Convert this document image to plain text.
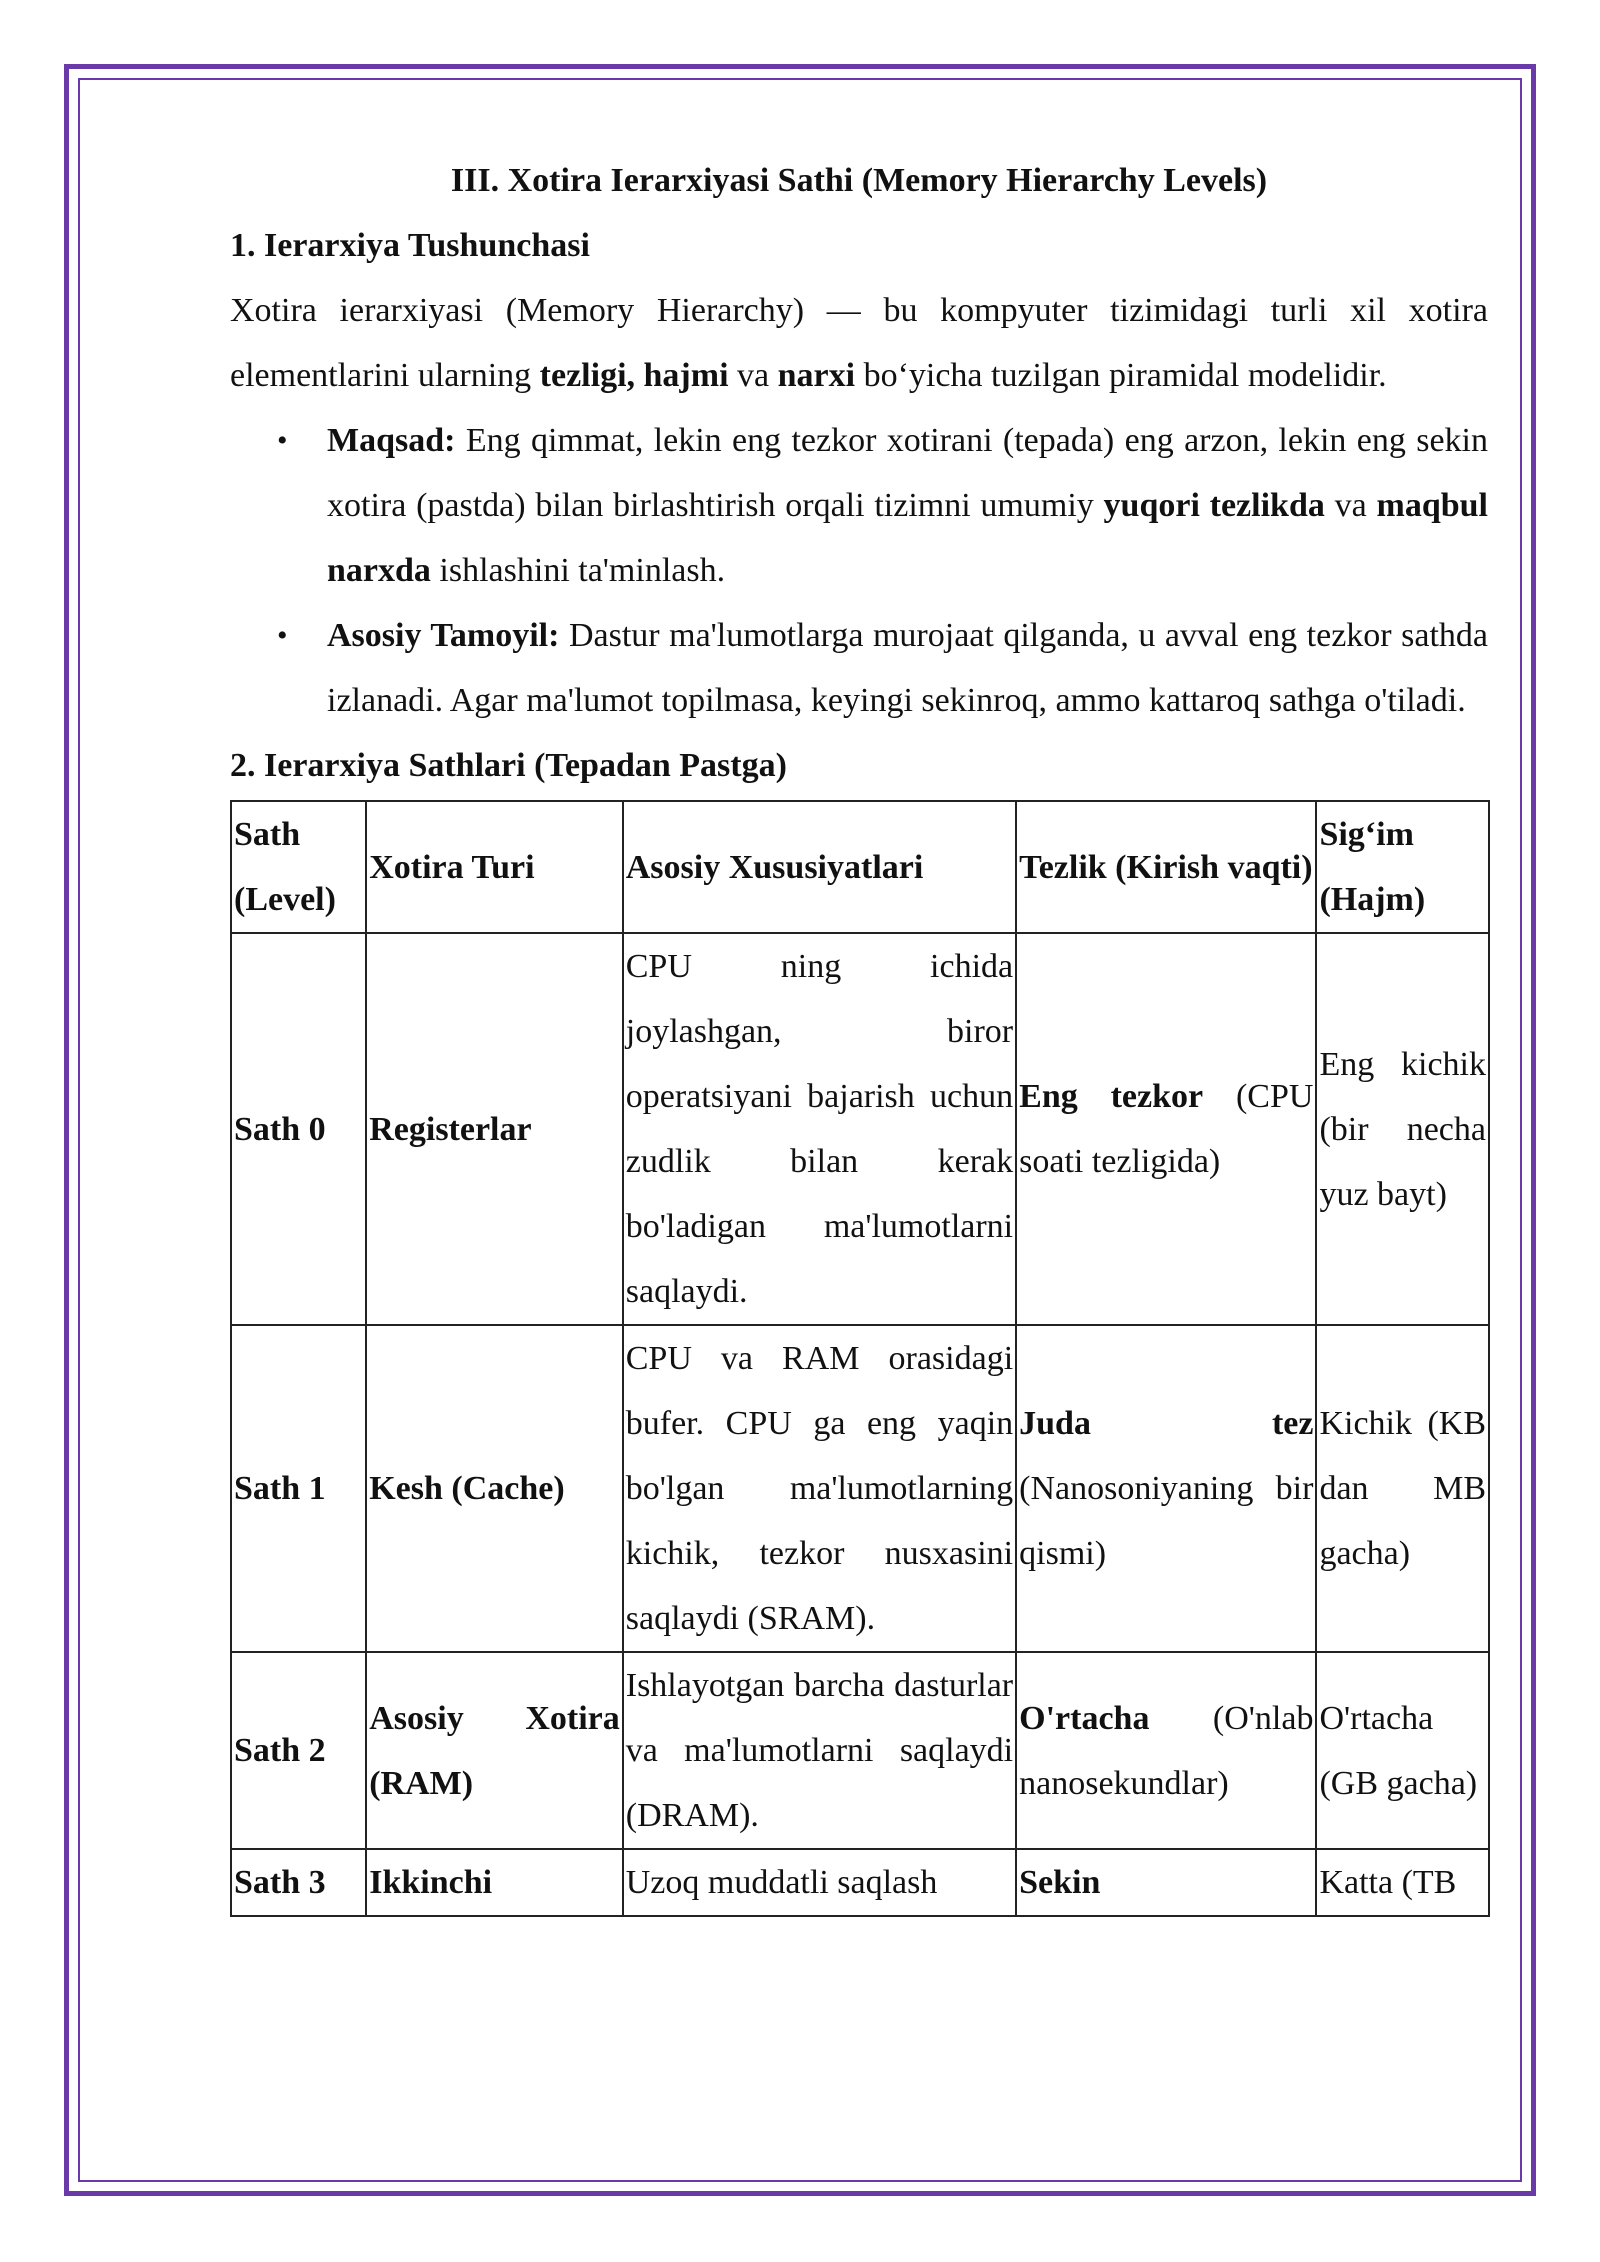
III. Xotira Ierarxiyasi Sathi (Memory Hierarchy Levels)

1. Ierarxiya Tushunchasi

Xotira ierarxiyasi (Memory Hierarchy) — bu kompyuter tizimidagi turli xil xotira elementlarini ularning tezligi, hajmi va narxi bo‘yicha tuzilgan piramidal modelidir.

• Maqsad: Eng qimmat, lekin eng tezkor xotirani (tepada) eng arzon, lekin eng sekin xotira (pastda) bilan birlashtirish orqali tizimni umumiy yuqori tezlikda va maqbul narxda ishlashini ta'minlash.
• Asosiy Tamoyil: Dastur ma'lumotlarga murojaat qilganda, u avval eng tezkor sathda izlanadi. Agar ma'lumot topilmasa, keyingi sekinroq, ammo kattaroq sathga o'tiladi.

2. Ierarxiya Sathlari (Tepadan Pastga)

Sath (Level)	Xotira Turi	Asosiy Xususiyatlari	Tezlik (Kirish vaqti)	Sig‘im (Hajm)
Sath 0	Registerlar	CPU ning ichida joylashgan, biror operatsiyani bajarish uchun zudlik bilan kerak bo'ladigan ma'lumotlarni saqlaydi.	Eng tezkor (CPU soati tezligida)	Eng kichik (bir necha yuz bayt)
Sath 1	Kesh (Cache)	CPU va RAM orasidagi bufer. CPU ga eng yaqin bo'lgan ma'lumotlarning kichik, tezkor nusxasini saqlaydi (SRAM).	Juda tez (Nanosoniyaning bir qismi)	Kichik (KB dan MB gacha)
Sath 2	Asosiy Xotira (RAM)	Ishlayotgan barcha dasturlar va ma'lumotlarni saqlaydi (DRAM).	O'rtacha (O'nlab nanosekundlar)	O'rtacha (GB gacha)
Sath 3	Ikkinchi	Uzoq muddatli saqlash	Sekin	Katta (TB
